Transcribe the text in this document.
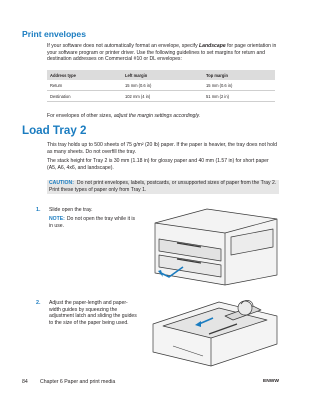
Print envelopes
If your software does not automatically format an envelope, specify Landscape for page orientation in your software program or printer driver. Use the following guidelines to set margins for return and destination addresses on Commercial #10 or DL envelopes:
Address type	Left margin	Top margin
Return	15 mm (0.6 in)	15 mm (0.6 in)
Destination	102 mm (4 in)	51 mm (2 in)
For envelopes of other sizes, adjust the margin settings accordingly.
Load Tray 2
This tray holds up to 500 sheets of 75 g/m² (20 lb) paper. If the paper is heavier, the tray does not hold as many sheets. Do not overfill the tray.
The stack height for Tray 2 is 30 mm (1.18 in) for glossy paper and 40 mm (1.57 in) for short paper (A5, A6, 4x6, and landscape).
CAUTION: Do not print envelopes, labels, postcards, or unsupported sizes of paper from the Tray 2. Print these types of paper only from Tray 1.
1. Slide open the tray.
NOTE: Do not open the tray while it is in use.
2. Adjust the paper-length and paper-width guides by squeezing the adjustment latch and sliding the guides to the size of the paper being used.
84 Chapter 6 Paper and print media	ENWW
